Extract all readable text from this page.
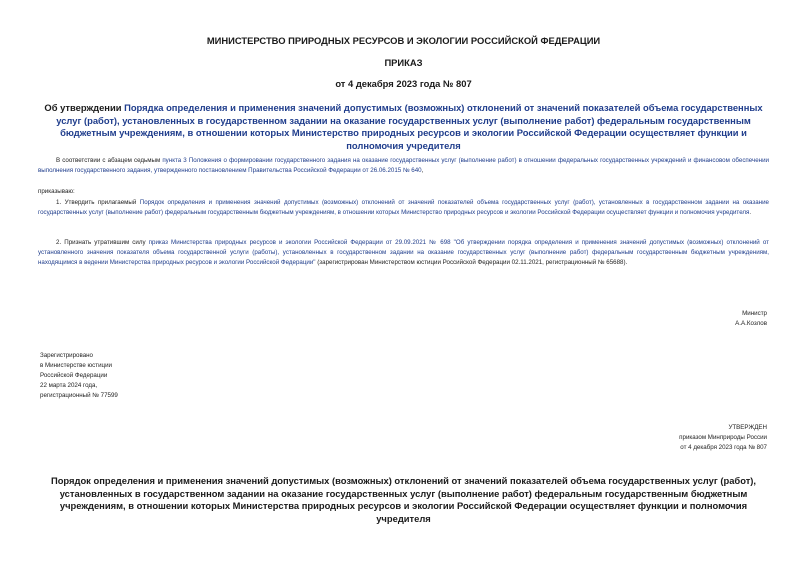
МИНИСТЕРСТВО ПРИРОДНЫХ РЕСУРСОВ И ЭКОЛОГИИ РОССИЙСКОЙ ФЕДЕРАЦИИ
ПРИКАЗ
от 4 декабря 2023 года № 807
Об утверждении Порядка определения и применения значений допустимых (возможных) отклонений от значений показателей объема государственных услуг (работ), установленных в государственном задании на оказание государственных услуг (выполнение работ) федеральным государственным бюджетным учреждениям, в отношении которых Министерство природных ресурсов и экологии Российской Федерации осуществляет функции и полномочия учредителя
В соответствии с абзацем седьмым пункта 3 Положения о формировании государственного задания на оказание государственных услуг (выполнение работ) в отношении федеральных государственных учреждений и финансовом обеспечении выполнения государственного задания, утвержденного постановлением Правительства Российской Федерации от 26.06.2015 № 640,
приказываю:
1. Утвердить прилагаемый Порядок определения и применения значений допустимых (возможных) отклонений от значений показателей объема государственных услуг (работ), установленных в государственном задании на оказание государственных услуг (выполнение работ) федеральным государственным бюджетным учреждениям, в отношении которых Министерство природных ресурсов и экологии Российской Федерации осуществляет функции и полномочия учредителя.
2. Признать утратившим силу приказ Министерства природных ресурсов и экологии Российской Федерации от 29.09.2021 № 698 "Об утверждении порядка определения и применения значений допустимых (возможных) отклонений от установленного значения показателя объема государственной услуги (работы), установленных в государственном задании на оказание государственных услуг (выполнение работ) федеральным государственным бюджетным учреждениям, находящимся в ведении Министерства природных ресурсов и экологии Российской Федерации" (зарегистрирован Министерством юстиции Российской Федерации 02.11.2021, регистрационный № 65688).
Министр
А.А.Козлов
Зарегистрировано
в Министерстве юстиции
Российской Федерации
22 марта 2024 года,
регистрационный № 77599
УТВЕРЖДЕН
приказом Минприроды России
от 4 декабря 2023 года № 807
Порядок определения и применения значений допустимых (возможных) отклонений от значений показателей объема государственных услуг (работ), установленных в государственном задании на оказание государственных услуг (выполнение работ) федеральным государственным бюджетным учреждениям, в отношении которых Министерства природных ресурсов и экологии Российской Федерации осуществляет функции и полномочия учредителя
